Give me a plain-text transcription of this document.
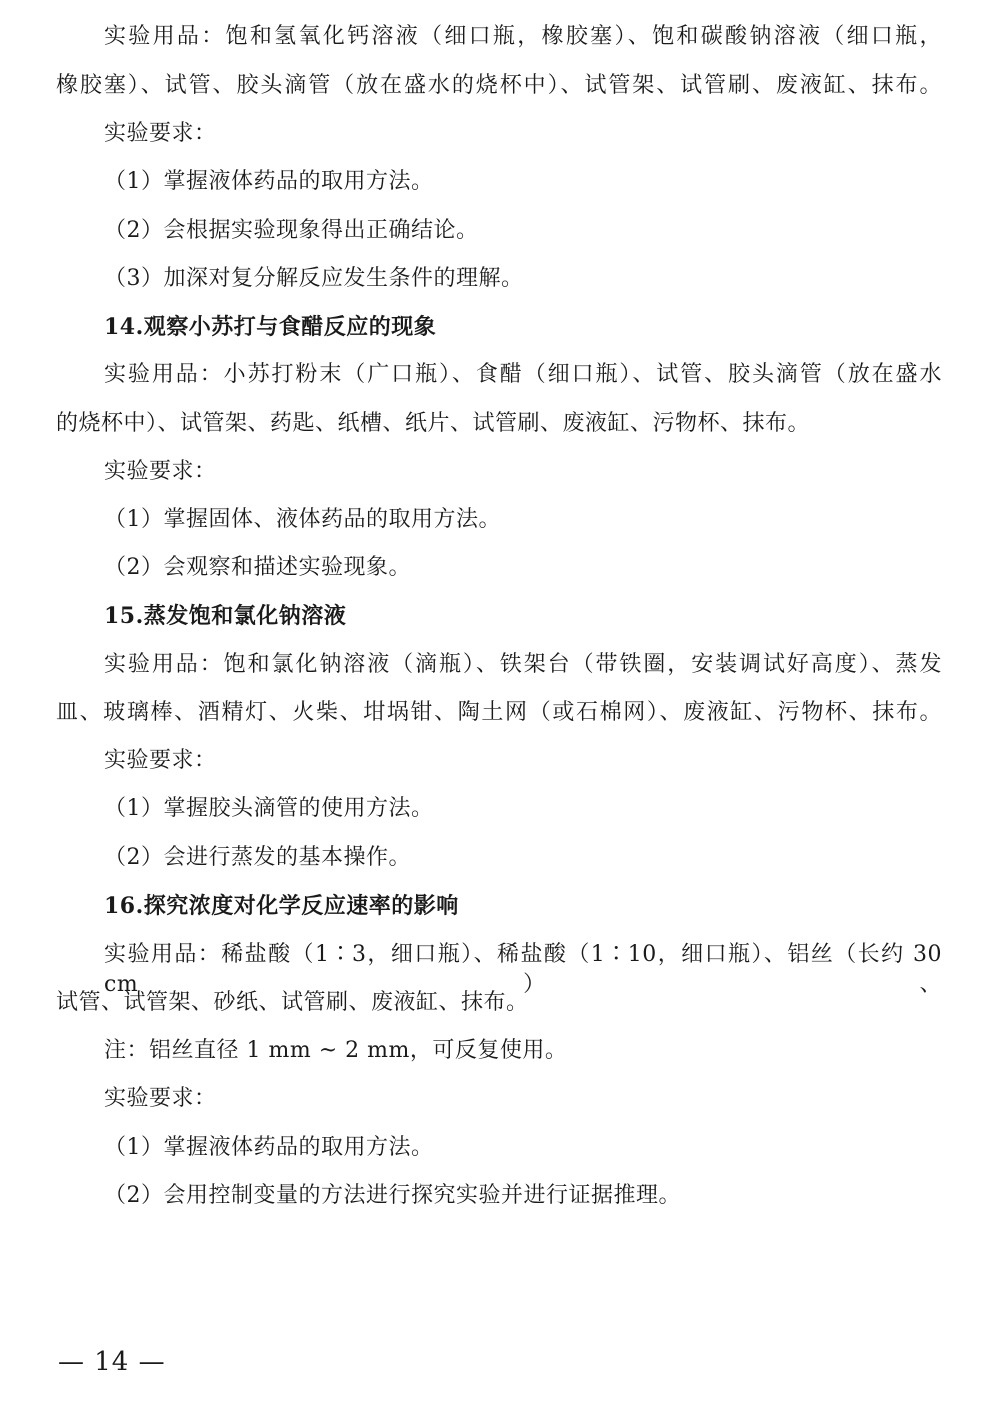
实验用品：饱和氢氧化钙溶液（细口瓶，橡胶塞）、饱和碳酸钠溶液（细口瓶，
橡胶塞）、试管、胶头滴管（放在盛水的烧杯中）、试管架、试管刷、废液缸、抹布。
实验要求：
（1）掌握液体药品的取用方法。
（2）会根据实验现象得出正确结论。
（3）加深对复分解反应发生条件的理解。
14.观察小苏打与食醋反应的现象
实验用品：小苏打粉末（广口瓶）、食醋（细口瓶）、试管、胶头滴管（放在盛水
的烧杯中）、试管架、药匙、纸槽、纸片、试管刷、废液缸、污物杯、抹布。
实验要求：
（1）掌握固体、液体药品的取用方法。
（2）会观察和描述实验现象。
15.蒸发饱和氯化钠溶液
实验用品：饱和氯化钠溶液（滴瓶）、铁架台（带铁圈，安装调试好高度）、蒸发
皿、玻璃棒、酒精灯、火柴、坩埚钳、陶土网（或石棉网）、废液缸、污物杯、抹布。
实验要求：
（1）掌握胶头滴管的使用方法。
（2）会进行蒸发的基本操作。
16.探究浓度对化学反应速率的影响
实验用品：稀盐酸（1∶3，细口瓶）、稀盐酸（1∶10，细口瓶）、铝丝（长约 30 cm）、
试管、试管架、砂纸、试管刷、废液缸、抹布。
注：铝丝直径 1 mm ~ 2 mm，可反复使用。
实验要求：
（1）掌握液体药品的取用方法。
（2）会用控制变量的方法进行探究实验并进行证据推理。
— 14 —
